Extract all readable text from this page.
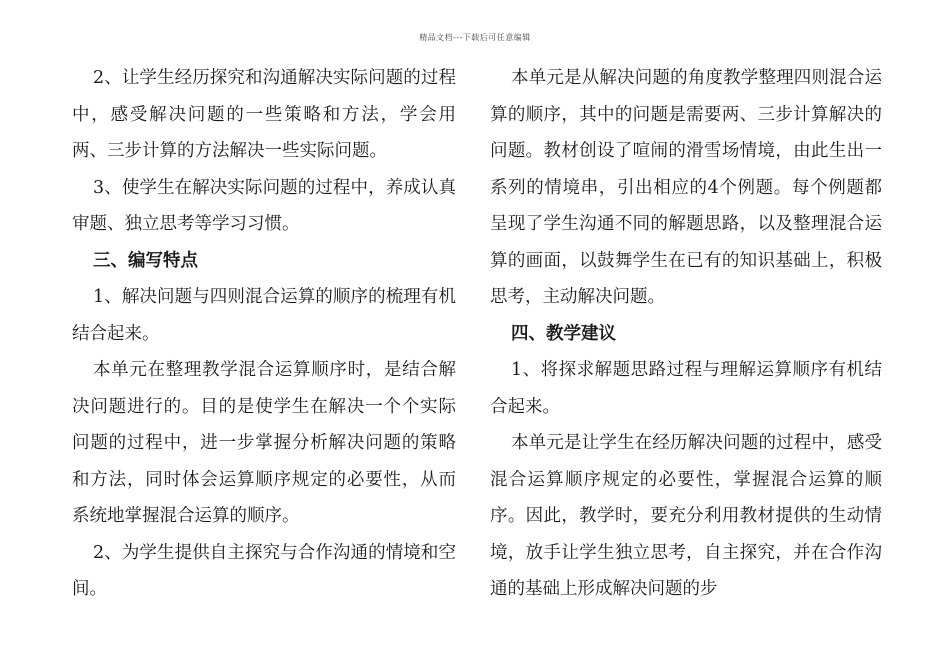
精品文档---下载后可任意编辑

2、让学生经历探究和沟通解决实际问题的过程中，感受解决问题的一些策略和方法，学会用两、三步计算的方法解决一些实际问题。

3、使学生在解决实际问题的过程中，养成认真审题、独立思考等学习习惯。

三、编写特点

1、解决问题与四则混合运算的顺序的梳理有机结合起来。

本单元在整理教学混合运算顺序时，是结合解决问题进行的。目的是使学生在解决一个个实际问题的过程中，进一步掌握分析解决问题的策略和方法，同时体会运算顺序规定的必要性，从而系统地掌握混合运算的顺序。

2、为学生提供自主探究与合作沟通的情境和空间。

本单元是从解决问题的角度教学整理四则混合运算的顺序，其中的问题是需要两、三步计算解决的问题。教材创设了喧闹的滑雪场情境，由此生出一系列的情境串，引出相应的4个例题。每个例题都呈现了学生沟通不同的解题思路，以及整理混合运算的画面，以鼓舞学生在已有的知识基础上，积极思考，主动解决问题。

四、教学建议

1、将探求解题思路过程与理解运算顺序有机结合起来。

本单元是让学生在经历解决问题的过程中，感受混合运算顺序规定的必要性，掌握混合运算的顺序。因此，教学时，要充分利用教材提供的生动情境，放手让学生独立思考，自主探究，并在合作沟通的基础上形成解决问题的步
